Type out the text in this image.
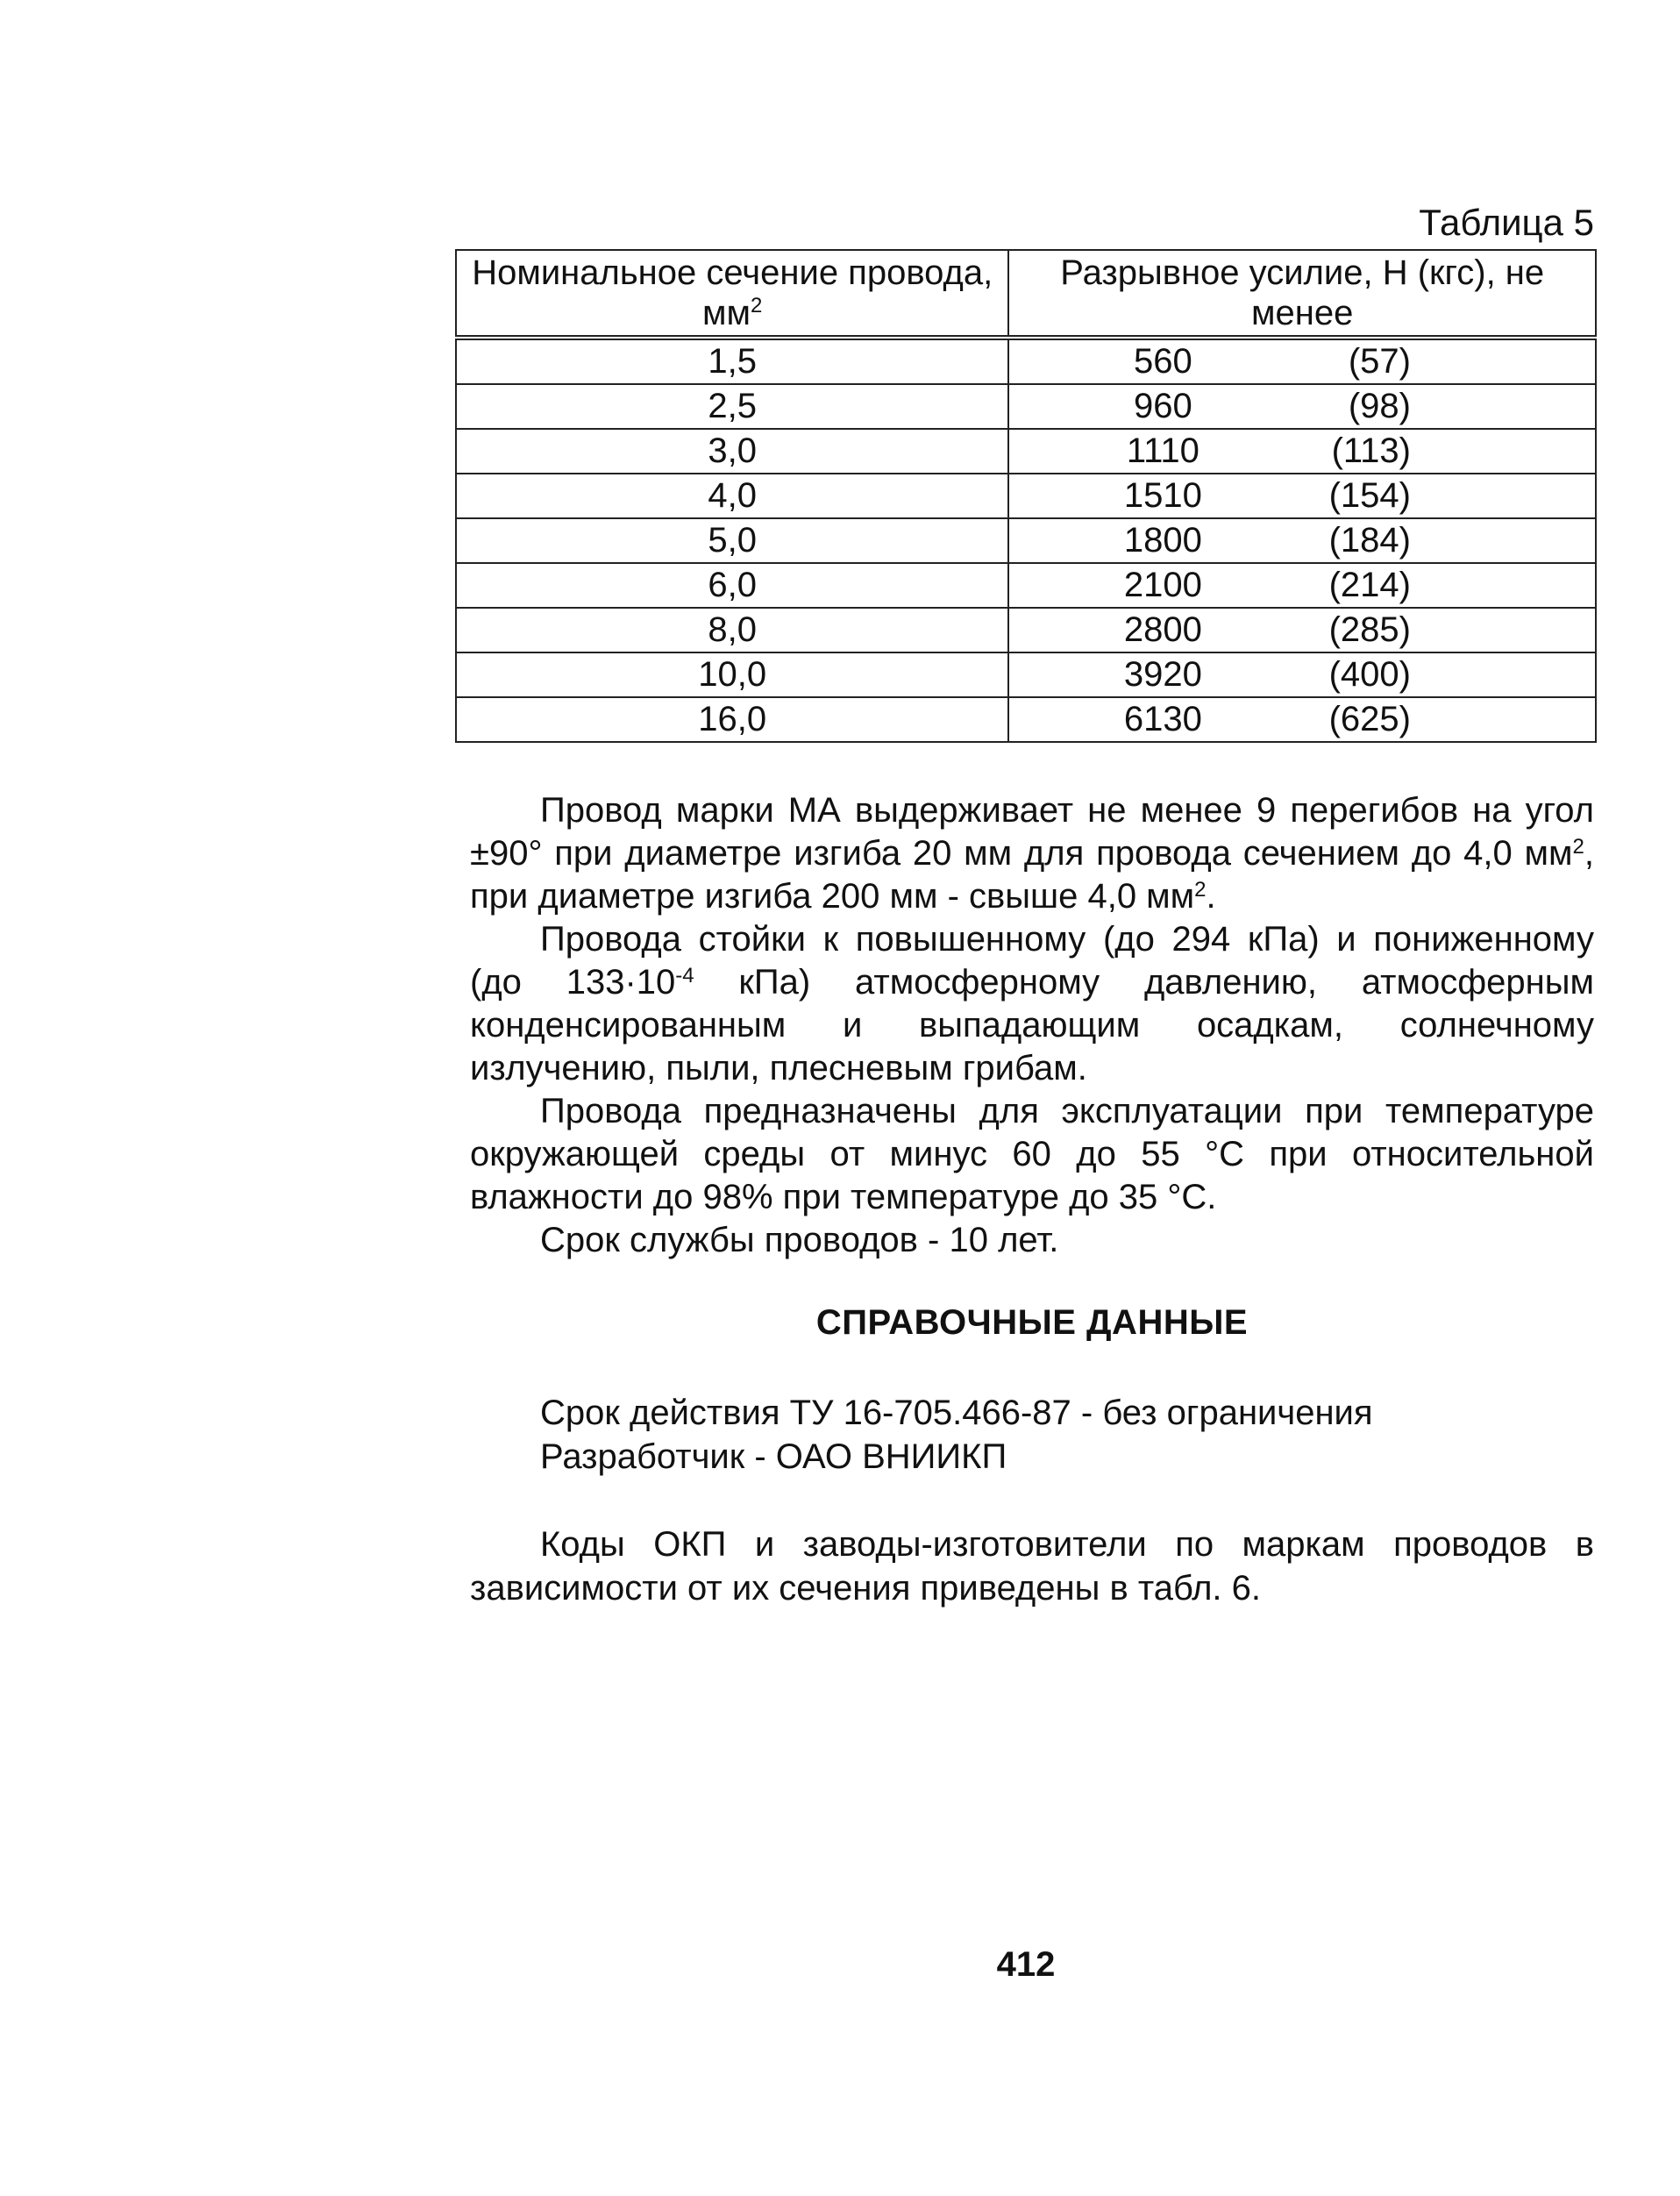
Таблица 5
Номинальное сечение провода, $мм^2$	Разрывное усилие, Н (кгс), не менее
1,5	560 (57)

2,5	960 (98)

3,0	1110 (113)

4,0	1510 (154)

5,0	1800 (184)

6,0	2100 (214)

8,0	2800 (285)

10,0	3920 (400)

16,0	6130 (625)

Провод марки МА выдерживает не менее 9 перегибов на угол ±90° при диаметре изгиба 20 мм для провода сечением до 4,0 $мм^2$, при диаметре изгиба 200 мм - свыше 4,0 $мм^2$.

Провода стойки к повышенному (до 294 кПа) и пониженному (до $133\cdot 10^{-4}$ кПа) атмосферному давлению, атмосферным конденсированным и выпадающим осадкам, солнечному излучению, пыли, плесневым грибам.

Провода предназначены для эксплуатации при температуре окружающей среды от минус 60 до 55 °С при относительной влажности до 98% при температуре до 35 °С.

Срок службы проводов - 10 лет.

СПРАВОЧНЫЕ ДАННЫЕ
Срок действия ТУ 16-705.466-87 - без ограничения
Разработчик - ОАО ВНИИКП

Коды ОКП и заводы-изготовители по маркам проводов в зависимости от их сечения приведены в табл. 6.

412
